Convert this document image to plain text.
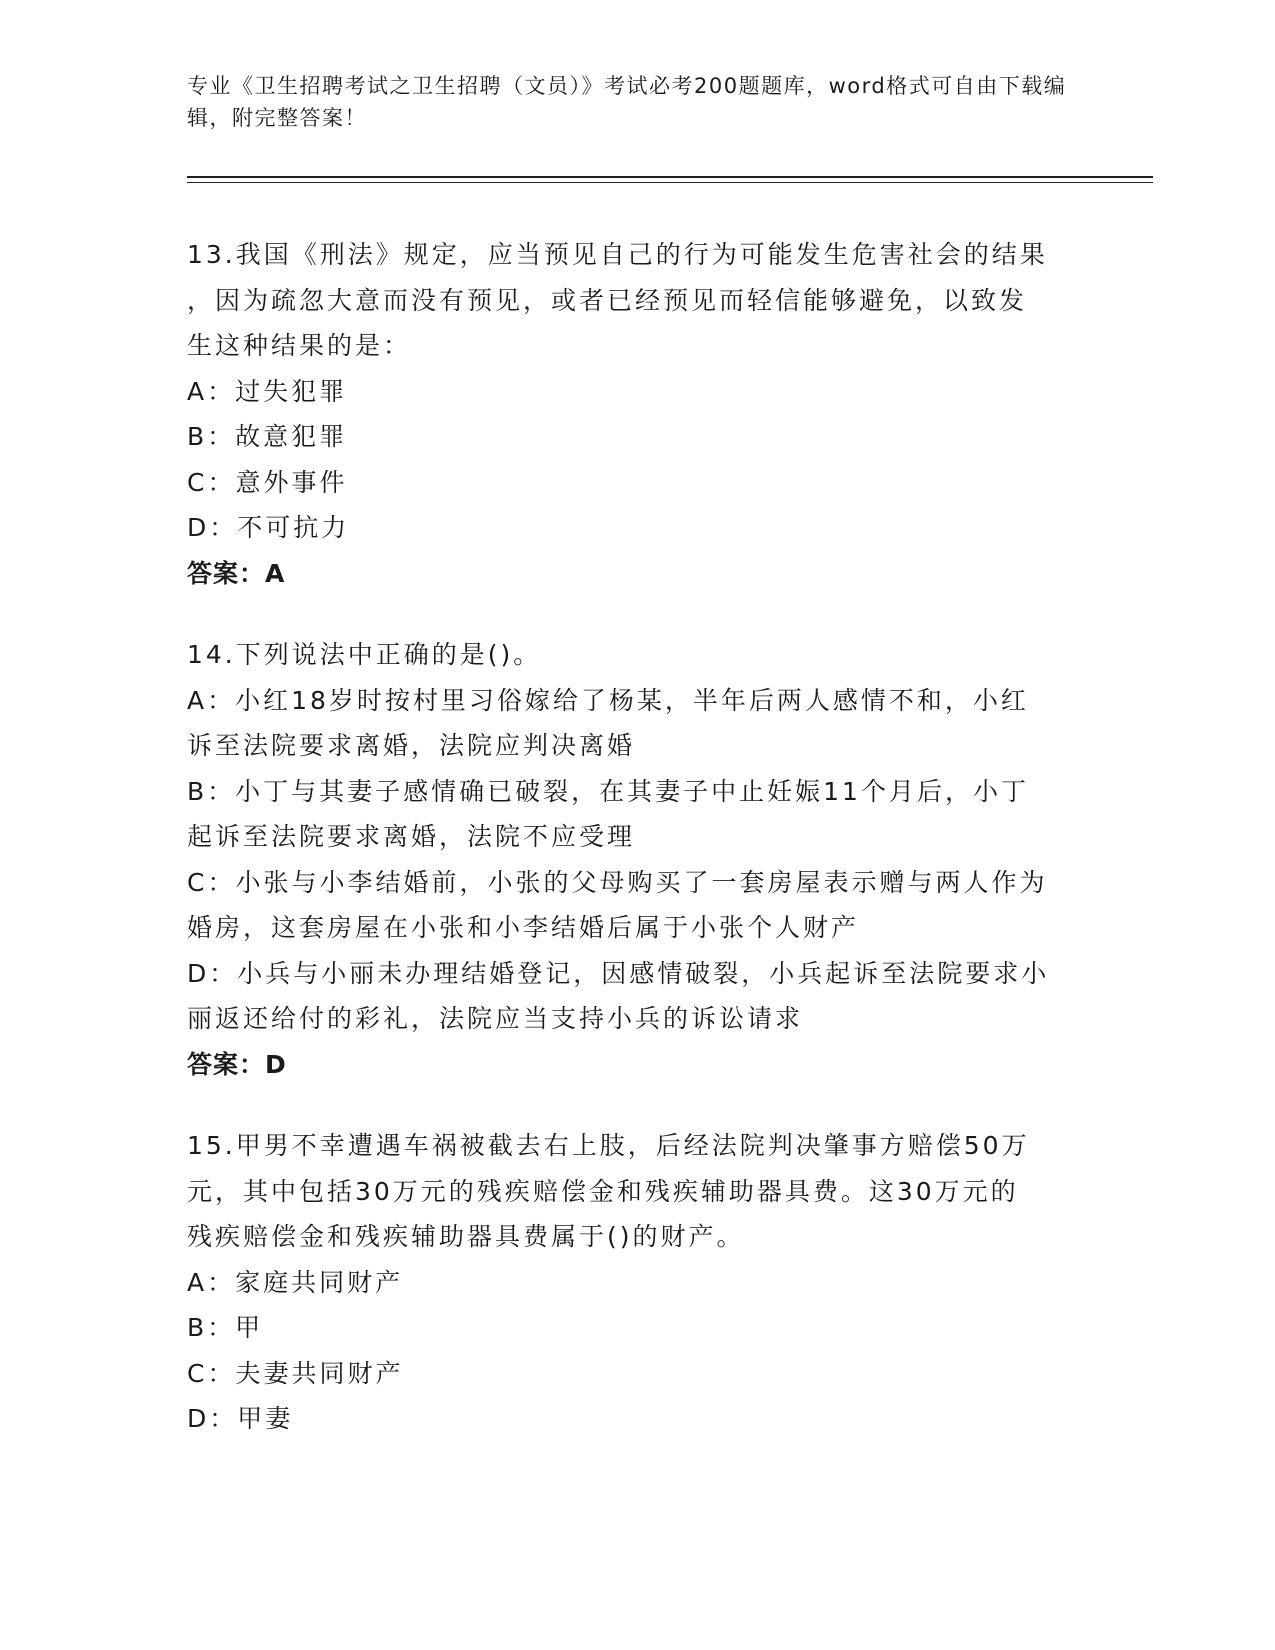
专业《卫生招聘考试之卫生招聘（文员）》考试必考200题题库，word格式可自由下载编辑，附完整答案！
13.我国《刑法》规定，应当预见自己的行为可能发生危害社会的结果
，因为疏忽大意而没有预见，或者已经预见而轻信能够避免，以致发
生这种结果的是：
A：过失犯罪
B：故意犯罪
C：意外事件
D：不可抗力
答案：A
14.下列说法中正确的是()。
A：小红18岁时按村里习俗嫁给了杨某，半年后两人感情不和，小红
诉至法院要求离婚，法院应判决离婚
B：小丁与其妻子感情确已破裂，在其妻子中止妊娠11个月后，小丁
起诉至法院要求离婚，法院不应受理
C：小张与小李结婚前，小张的父母购买了一套房屋表示赠与两人作为
婚房，这套房屋在小张和小李结婚后属于小张个人财产
D：小兵与小丽未办理结婚登记，因感情破裂，小兵起诉至法院要求小
丽返还给付的彩礼，法院应当支持小兵的诉讼请求
答案：D
15.甲男不幸遭遇车祸被截去右上肢，后经法院判决肇事方赔偿50万
元，其中包括30万元的残疾赔偿金和残疾辅助器具费。这30万元的
残疾赔偿金和残疾辅助器具费属于()的财产。
A：家庭共同财产
B：甲
C：夫妻共同财产
D：甲妻
